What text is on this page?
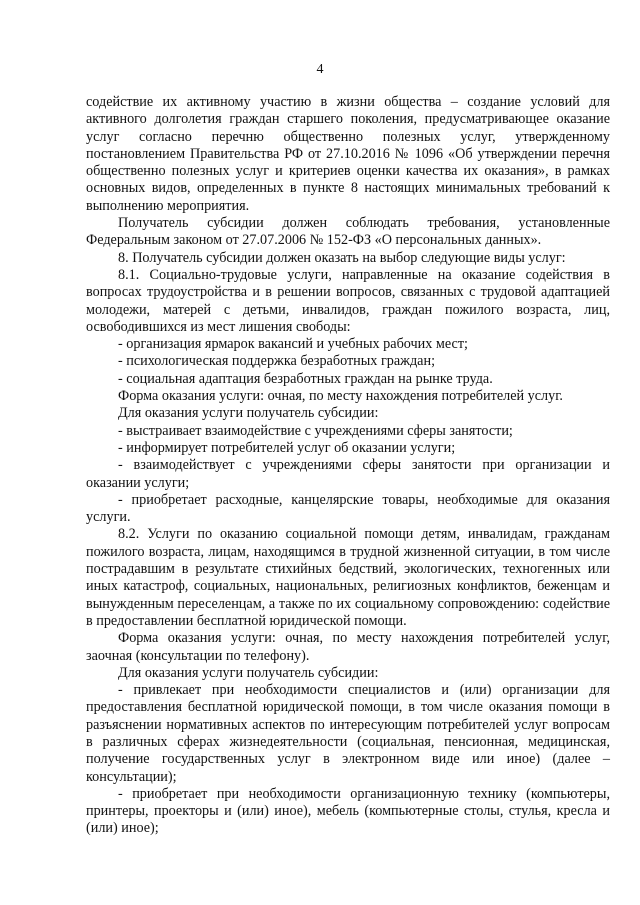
4

содействие их активному участию в жизни общества – создание условий для активного долголетия граждан старшего поколения, предусматривающее оказание услуг согласно перечню общественно полезных услуг, утвержденному постановлением Правительства РФ от 27.10.2016 № 1096 «Об утверждении перечня общественно полезных услуг и критериев оценки качества их оказания», в рамках основных видов, определенных в пункте 8 настоящих минимальных требований к выполнению мероприятия.

Получатель субсидии должен соблюдать требования, установленные Федеральным законом от 27.07.2006 № 152-ФЗ «О персональных данных».

8. Получатель субсидии должен оказать на выбор следующие виды услуг:

8.1. Социально-трудовые услуги, направленные на оказание содействия в вопросах трудоустройства и в решении вопросов, связанных с трудовой адаптацией молодежи, матерей с детьми, инвалидов, граждан пожилого возраста, лиц, освободившихся из мест лишения свободы:

- организация ярмарок вакансий и учебных рабочих мест;

- психологическая поддержка безработных граждан;

- социальная адаптация безработных граждан на рынке труда.

Форма оказания услуги: очная, по месту нахождения потребителей услуг.

Для оказания услуги получатель субсидии:

- выстраивает взаимодействие с учреждениями сферы занятости;

- информирует потребителей услуг об оказании услуги;

- взаимодействует с учреждениями сферы занятости при организации и оказании услуги;

- приобретает расходные, канцелярские товары, необходимые для оказания услуги.

8.2. Услуги по оказанию социальной помощи детям, инвалидам, гражданам пожилого возраста, лицам, находящимся в трудной жизненной ситуации, в том числе пострадавшим в результате стихийных бедствий, экологических, техногенных или иных катастроф, социальных, национальных, религиозных конфликтов, беженцам и вынужденным переселенцам, а также по их социальному сопровождению: содействие в предоставлении бесплатной юридической помощи.

Форма оказания услуги: очная, по месту нахождения потребителей услуг, заочная (консультации по телефону).

Для оказания услуги получатель субсидии:

- привлекает при необходимости специалистов и (или) организации для предоставления бесплатной юридической помощи, в том числе оказания помощи в разъяснении нормативных аспектов по интересующим потребителей услуг вопросам в различных сферах жизнедеятельности (социальная, пенсионная, медицинская, получение государственных услуг в электронном виде или иное) (далее – консультации);

- приобретает при необходимости организационную технику (компьютеры, принтеры, проекторы и (или) иное), мебель (компьютерные столы, стулья, кресла и (или) иное);
